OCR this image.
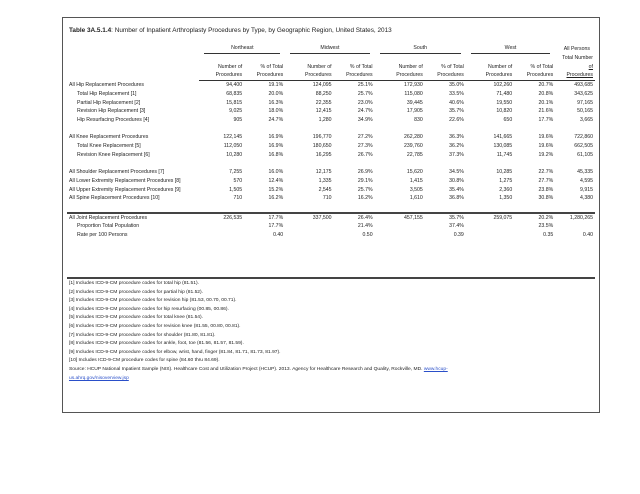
Table 3A.5.1.4: Number of Inpatient Arthroplasty Procedures by Type, by Geographic Region, United States, 2013

	Northeast		Midwest		South		West		All Persons

									Total Number
	Number of	% of Total	Number of	% of Total	Number of	% of Total	Number of	% of Total	of
	Procedures	Procedures	Procedures	Procedures	Procedures	Procedures	Procedures	Procedures	Procedures
All Hip Replacement Procedures	94,400	19.1%	124,095	25.1%	172,930	35.0%	102,260	20.7%	493,685
Total Hip Replacement [1]	68,835	20.0%	88,250	25.7%	115,080	33.5%	71,480	20.8%	343,625
Partial Hip Replacement [2]	15,815	16.3%	22,355	23.0%	39,445	40.6%	19,550	20.1%	97,165
Revision Hip Replacement [3]	9,025	18.0%	12,415	24.7%	17,905	35.7%	10,820	21.6%	50,165
Hip Resurfacing Procedures [4]	905	24.7%	1,280	34.9%	830	22.6%	650	17.7%	3,665

All Knee Replacement Procedures	122,145	16.9%	196,770	27.2%	262,280	36.3%	141,665	19.6%	722,860
Total Knee Replacement [5]	112,050	16.9%	180,650	27.3%	239,760	36.2%	130,085	19.6%	662,505
Revision Knee Replacement [6]	10,280	16.8%	16,295	26.7%	22,785	37.3%	11,745	19.2%	61,105

All Shoulder Replacement Procedures [7]	7,255	16.0%	12,175	26.9%	15,620	34.5%	10,285	22.7%	45,335
All Lower Extremity Replacement Procedures [8]	570	12.4%	1,335	29.1%	1,415	30.8%	1,275	27.7%	4,595
All Upper Extremity Replacement Procedures [9]	1,505	15.2%	2,545	25.7%	3,505	35.4%	2,360	23.8%	9,915
All Spine Replacement Procedures [10]	710	16.2%	710	16.2%	1,610	36.8%	1,350	30.8%	4,380

All Joint Replacement Procedures	226,535	17.7%	337,500	26.4%	457,155	35.7%	259,075	20.2%	1,280,265
Proportion Total Population		17.7%		21.4%		37.4%		23.5%	
Rate per 100 Persons		0.40		0.50		0.39		0.35	0.40
[1] Includes ICD-9-CM procedure codes for total hip (81.51).
[2] Includes ICD-9-CM procedure codes for partial hip (81.52).
[3] Includes ICD-9-CM procedure codes for revision hip (81.53, 00.70, 00.71).
[4] Includes ICD-9-CM procedure codes for hip resurfacing (00.85, 00.86).
[5] Includes ICD-9-CM procedure codes for total knee (81.54).
[6] Includes ICD-9-CM procedure codes for revision knee (81.55, 00.80, 00.81).
[7] Includes ICD-9-CM procedure codes for shoulder (81.80, 81.81).
[8] Includes ICD-9-CM procedure codes for ankle, foot, toe (81.56, 81.57, 81.59).
[9] Includes ICD-9-CM procedure codes for elbow, wrist, hand, finger (81.84, 81.71, 81.73, 81.97).
[10] Includes ICD-9-CM procedure codes for spine (84.60 thru 84.69).
Source: HCUP National Inpatient Sample (NIS). Healthcare Cost and Utilization Project (HCUP). 2013. Agency for Healthcare Research and Quality, Rockville, MD. www.hcup-
us.ahrq.gov/nisoverview.jsp
